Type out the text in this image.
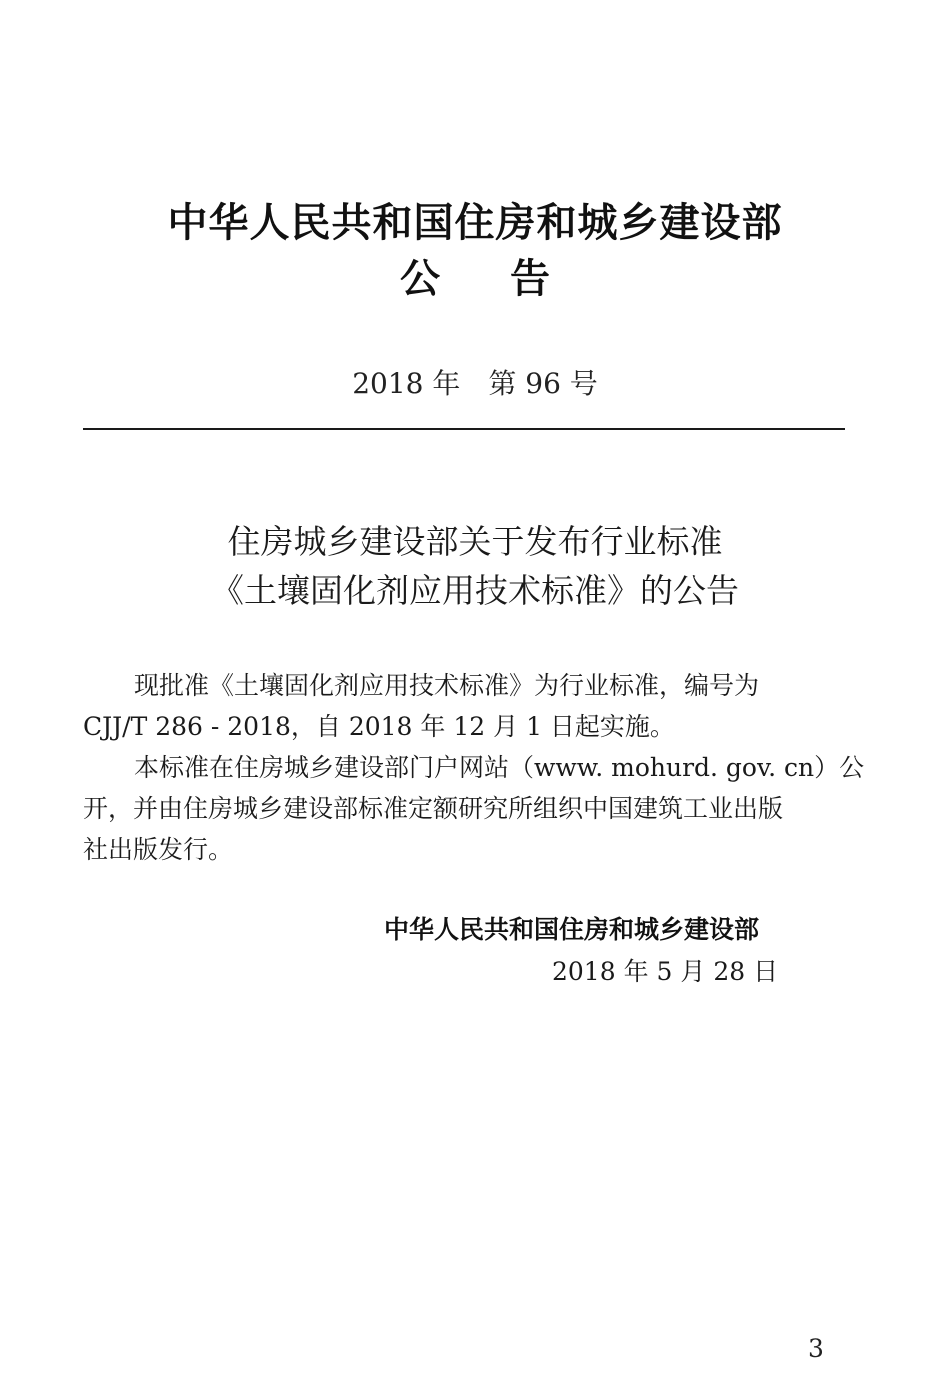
中华人民共和国住房和城乡建设部
公 告
2018 年 第 96 号
住房城乡建设部关于发布行业标准
《土壤固化剂应用技术标准》的公告
现批准《土壤固化剂应用技术标准》为行业标准，编号为
CJJ/T 286 - 2018，自 2018 年 12 月 1 日起实施。
本标准在住房城乡建设部门户网站（www. mohurd. gov. cn）公
开，并由住房城乡建设部标准定额研究所组织中国建筑工业出版
社出版发行。
中华人民共和国住房和城乡建设部
2018 年 5 月 28 日
3
